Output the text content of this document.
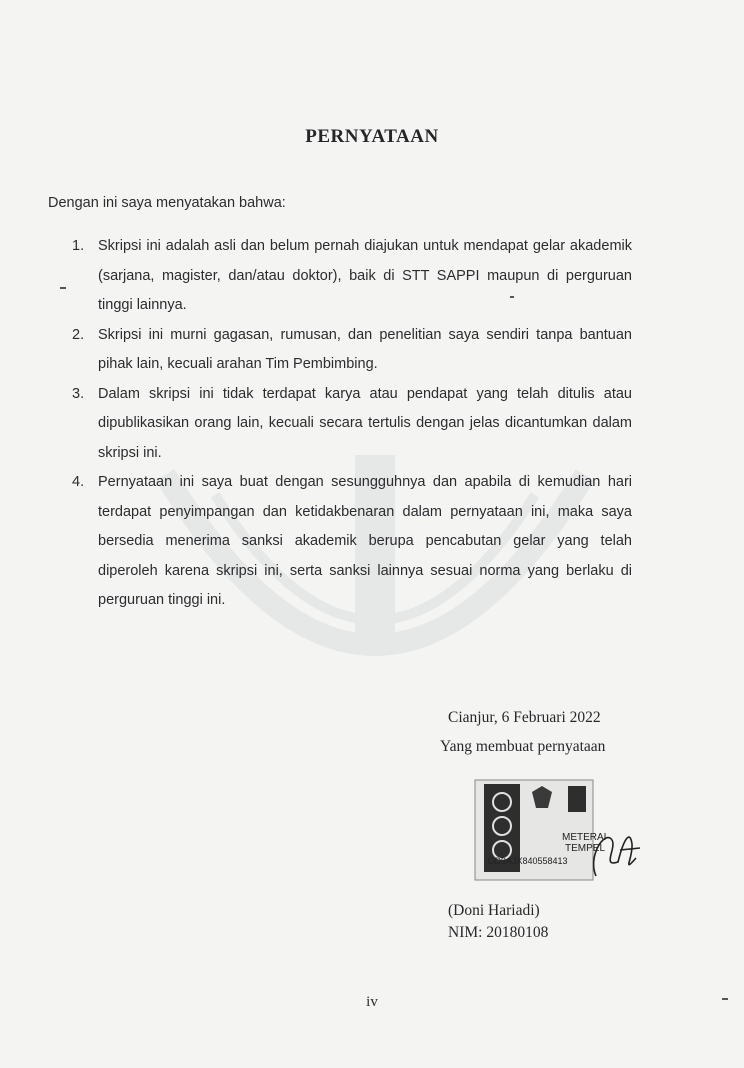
PERNYATAAN
Dengan ini saya menyatakan bahwa:
1. Skripsi ini adalah asli dan belum pernah diajukan untuk mendapat gelar akademik (sarjana, magister, dan/atau doktor), baik di STT SAPPI maupun di perguruan tinggi lainnya.
2. Skripsi ini murni gagasan, rumusan, dan penelitian saya sendiri tanpa bantuan pihak lain, kecuali arahan Tim Pembimbing.
3. Dalam skripsi ini tidak terdapat karya atau pendapat yang telah ditulis atau dipublikasikan orang lain, kecuali secara tertulis dengan jelas dicantumkan dalam skripsi ini.
4. Pernyataan ini saya buat dengan sesungguhnya dan apabila di kemudian hari terdapat penyimpangan dan ketidakbenaran dalam pernyataan ini, maka saya bersedia menerima sanksi akademik berupa pencabutan gelar yang telah diperoleh karena skripsi ini, serta sanksi lainnya sesuai norma yang berlaku di perguruan tinggi ini.
Cianjur, 6 Februari 2022
Yang membuat pernyataan
METERAI
TEMPEL
DD9AJX840558413
(Doni Hariadi)
NIM: 20180108
iv
